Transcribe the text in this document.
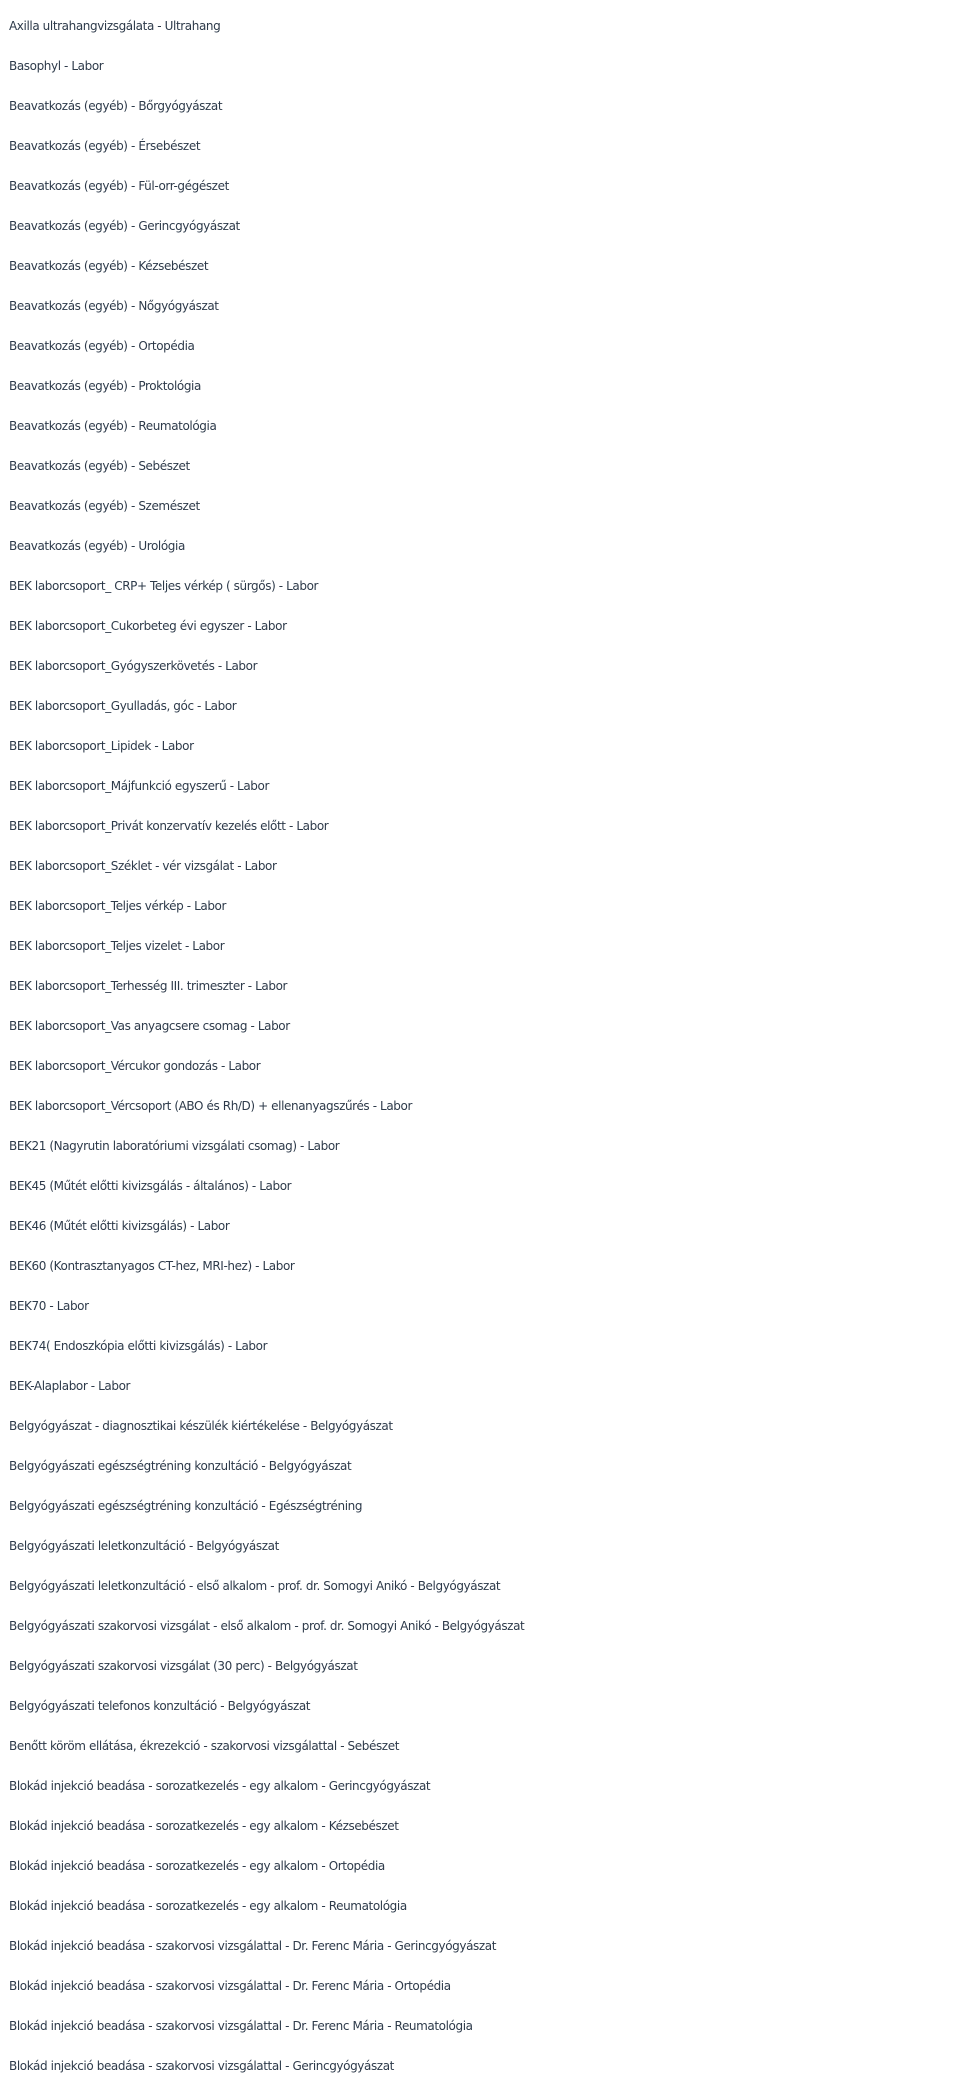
Axilla ultrahangvizsgálata - Ultrahang
Basophyl - Labor
Beavatkozás (egyéb) - Bőrgyógyászat
Beavatkozás (egyéb) - Érsebészet
Beavatkozás (egyéb) - Fül-orr-gégészet
Beavatkozás (egyéb) - Gerincgyógyászat
Beavatkozás (egyéb) - Kézsebészet
Beavatkozás (egyéb) - Nőgyógyászat
Beavatkozás (egyéb) - Ortopédia
Beavatkozás (egyéb) - Proktológia
Beavatkozás (egyéb) - Reumatológia
Beavatkozás (egyéb) - Sebészet
Beavatkozás (egyéb) - Szemészet
Beavatkozás (egyéb) - Urológia
BEK laborcsoport_ CRP+ Teljes vérkép ( sürgős) - Labor
BEK laborcsoport_Cukorbeteg évi egyszer - Labor
BEK laborcsoport_Gyógyszerkövetés - Labor
BEK laborcsoport_Gyulladás, góc - Labor
BEK laborcsoport_Lipidek - Labor
BEK laborcsoport_Májfunkció egyszerű - Labor
BEK laborcsoport_Privát konzervatív kezelés előtt - Labor
BEK laborcsoport_Széklet - vér vizsgálat - Labor
BEK laborcsoport_Teljes vérkép - Labor
BEK laborcsoport_Teljes vizelet - Labor
BEK laborcsoport_Terhesség III. trimeszter - Labor
BEK laborcsoport_Vas anyagcsere csomag - Labor
BEK laborcsoport_Vércukor gondozás - Labor
BEK laborcsoport_Vércsoport (ABO és Rh/D) + ellenanyagszűrés - Labor
BEK21 (Nagyrutin laboratóriumi vizsgálati csomag) - Labor
BEK45 (Műtét előtti kivizsgálás - általános) - Labor
BEK46 (Műtét előtti kivizsgálás) - Labor
BEK60 (Kontrasztanyagos CT-hez, MRI-hez) - Labor
BEK70 - Labor
BEK74( Endoszkópia előtti kivizsgálás) - Labor
BEK-Alaplabor - Labor
Belgyógyászat - diagnosztikai készülék kiértékelése - Belgyógyászat
Belgyógyászati egészségtréning konzultáció - Belgyógyászat
Belgyógyászati egészségtréning konzultáció - Egészségtréning
Belgyógyászati leletkonzultáció - Belgyógyászat
Belgyógyászati leletkonzultáció - első alkalom - prof. dr. Somogyi Anikó - Belgyógyászat
Belgyógyászati szakorvosi vizsgálat - első alkalom - prof. dr. Somogyi Anikó - Belgyógyászat
Belgyógyászati szakorvosi vizsgálat (30 perc) - Belgyógyászat
Belgyógyászati telefonos konzultáció - Belgyógyászat
Benőtt köröm ellátása, ékrezekció - szakorvosi vizsgálattal - Sebészet
Blokád injekció beadása - sorozatkezelés - egy alkalom - Gerincgyógyászat
Blokád injekció beadása - sorozatkezelés - egy alkalom - Kézsebészet
Blokád injekció beadása - sorozatkezelés - egy alkalom - Ortopédia
Blokád injekció beadása - sorozatkezelés - egy alkalom - Reumatológia
Blokád injekció beadása - szakorvosi vizsgálattal - Dr. Ferenc Mária - Gerincgyógyászat
Blokád injekció beadása - szakorvosi vizsgálattal - Dr. Ferenc Mária - Ortopédia
Blokád injekció beadása - szakorvosi vizsgálattal - Dr. Ferenc Mária - Reumatológia
Blokád injekció beadása - szakorvosi vizsgálattal - Gerincgyógyászat
